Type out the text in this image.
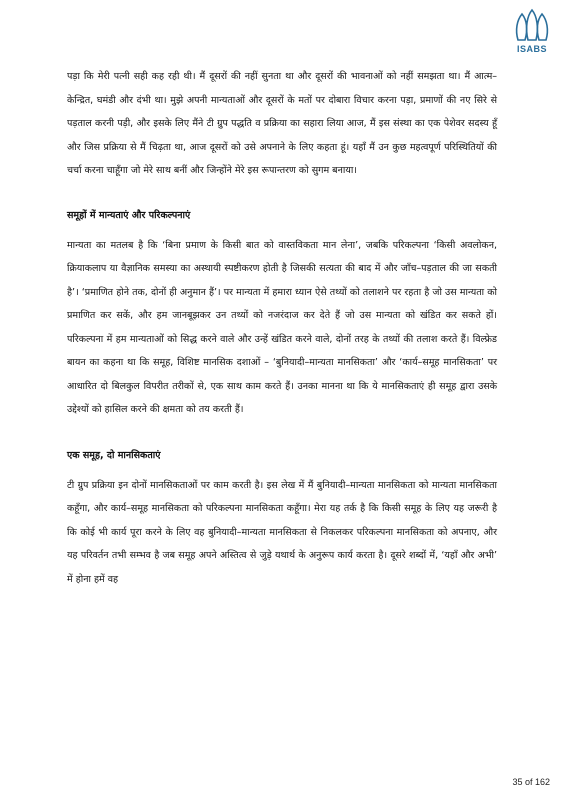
ISABS

पड़ा कि मेरी पत्नी सही कह रही थी। मैं दूसरों की नहीं सुनता था और दूसरों की भावनाओं को नहीं समझता था। मैं आत्म–केन्द्रित, घमंडी और दंभी था। मुझे अपनी मान्यताओं और दूसरों के मतों पर दोबारा विचार करना पड़ा, प्रमाणों की नए सिरे से पड़ताल करनी पड़ी, और इसके लिए मैंने टी ग्रुप पद्धति व प्रक्रिया का सहारा लिया आज, मैं इस संस्था का एक पेशेवर सदस्य हूँ और जिस प्रक्रिया से मैं चिढ़ता था, आज दूसरों को उसे अपनाने के लिए कहता हूं। यहाँ मैं उन कुछ महत्वपूर्ण परिस्थितियों की चर्चा करना चाहूँगा जो मेरे साथ बनीं और जिन्होंने मेरे इस रूपान्तरण को सुगम बनाया।

समूहों में मान्यताएं और परिकल्पनाएं

मान्यता का मतलब है कि ‘बिना प्रमाण के किसी बात को वास्तविकता मान लेना’, जबकि परिकल्पना ‘किसी अवलोकन, क्रियाकलाप या वैज्ञानिक समस्या का अस्थायी स्पष्टीकरण होती है जिसकी सत्यता की बाद में और जाँच–पड़ताल की जा सकती है’। ‘प्रमाणित होने तक, दोनों ही अनुमान हैं’। पर मान्यता में हमारा ध्यान ऐसे तथ्यों को तलाशने पर रहता है जो उस मान्यता को प्रमाणित कर सकें, और हम जानबूझकर उन तथ्यों को नजरंदाज कर देते हैं जो उस मान्यता को खंडित कर सकते हों। परिकल्पना में हम मान्यताओं को सिद्ध करने वाले और उन्हें खंडित करने वाले, दोनों तरह के तथ्यों की तलाश करते हैं। विल्फ्रेड बायन का कहना था कि समूह, विशिष्ट मानसिक दशाओं – ‘बुनियादी–मान्यता मानसिकता’ और ‘कार्य–समूह मानसिकता’ पर आधारित दो बिलकुल विपरीत तरीकों से, एक साथ काम करते हैं। उनका मानना था कि ये मानसिकताएं ही समूह द्वारा उसके उद्देश्यों को हासिल करने की क्षमता को तय करती हैं।

एक समूह, दो मानसिकताएं

टी ग्रुप प्रक्रिया इन दोनों मानसिकताओं पर काम करती है। इस लेख में मैं बुनियादी–मान्यता मानसिकता को मान्यता मानसिकता कहूँगा, और कार्य–समूह मानसिकता को परिकल्पना मानसिकता कहूँगा। मेरा यह तर्क है कि किसी समूह के लिए यह जरूरी है कि कोई भी कार्य पूरा करने के लिए वह बुनियादी–मान्यता मानसिकता से निकलकर परिकल्पना मानसिकता को अपनाए, और यह परिवर्तन तभी सम्भव है जब समूह अपने अस्तित्व से जुड़े यथार्थ के अनुरूप कार्य करता है। दूसरे शब्दों में, ‘यहाँ और अभी’ में होना हमें वह

35 of 162
